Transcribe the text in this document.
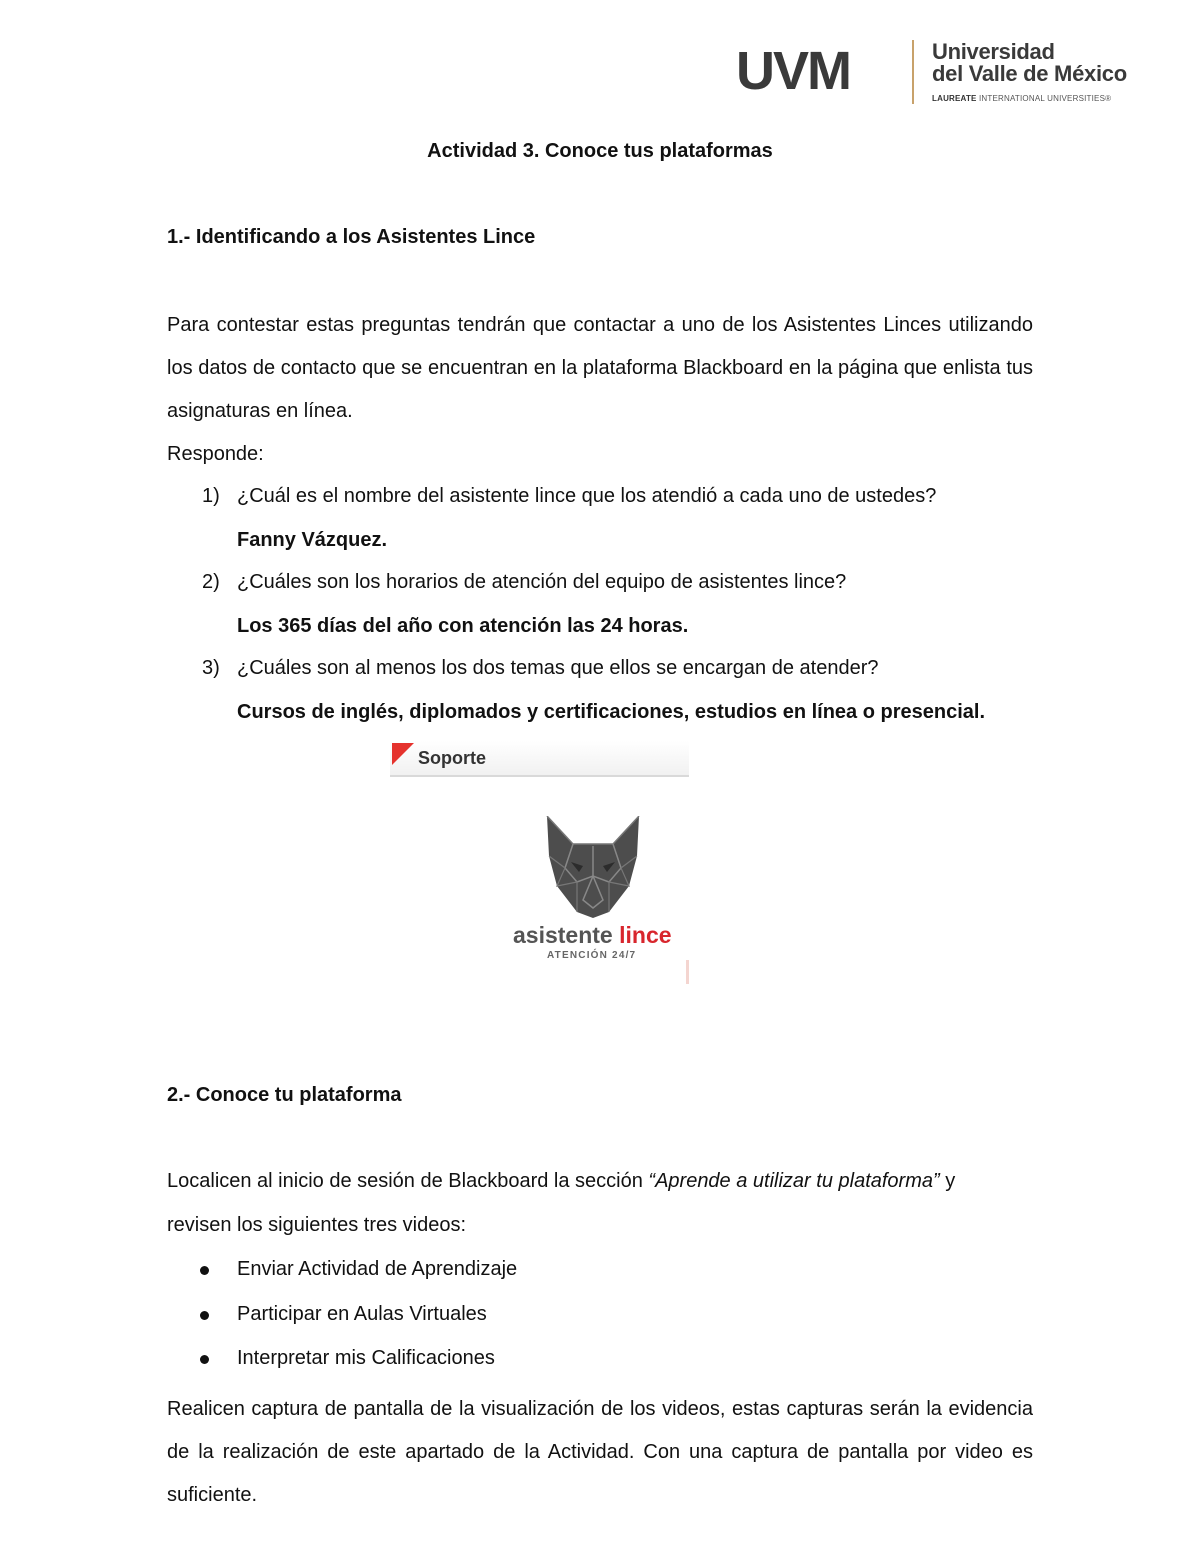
UVM	Universidad
del Valle de México
LAUREATE INTERNATIONAL UNIVERSITIES®
Actividad 3. Conoce tus plataformas
1.- Identificando a los Asistentes Lince
Para contestar estas preguntas tendrán que contactar a uno de los Asistentes Linces utilizando los datos de contacto que se encuentran en la plataforma Blackboard en la página que enlista tus asignaturas en línea.
Responde:
1) ¿Cuál es el nombre del asistente lince que los atendió a cada uno de ustedes?
Fanny Vázquez.
2) ¿Cuáles son los horarios de atención del equipo de asistentes lince?
Los 365 días del año con atención las 24 horas.
3) ¿Cuáles son al menos los dos temas que ellos se encargan de atender?
Cursos de inglés, diplomados y certificaciones, estudios en línea o presencial.
Soporte
asistente lince
ATENCIÓN 24/7
2.- Conoce tu plataforma
Localicen al inicio de sesión de Blackboard la sección “Aprende a utilizar tu plataforma” y
revisen los siguientes tres videos:
Enviar Actividad de Aprendizaje
Participar en Aulas Virtuales
Interpretar mis Calificaciones
Realicen captura de pantalla de la visualización de los videos, estas capturas serán la evidencia de la realización de este apartado de la Actividad. Con una captura de pantalla por video es suficiente.
